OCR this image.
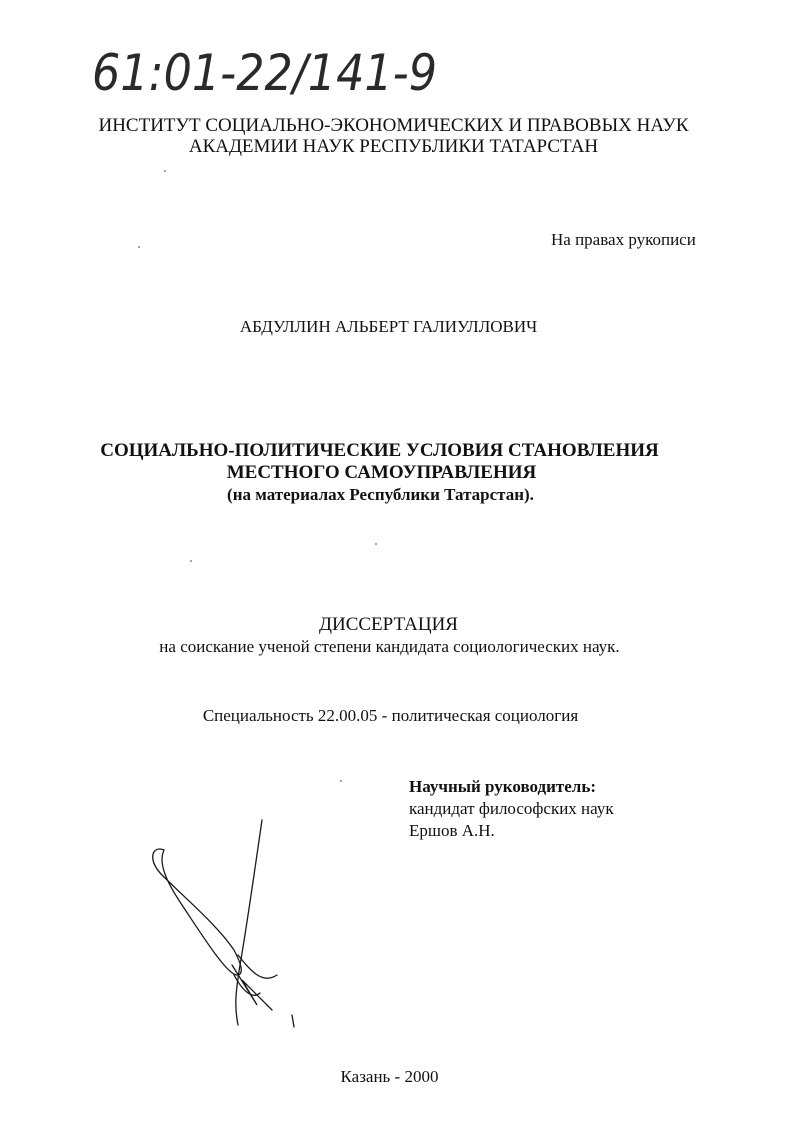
61:01-22/141-9
ИНСТИТУТ СОЦИАЛЬНО-ЭКОНОМИЧЕСКИХ И ПРАВОВЫХ НАУК
АКАДЕМИИ НАУК РЕСПУБЛИКИ ТАТАРСТАН
На правах рукописи
АБДУЛЛИН АЛЬБЕРТ ГАЛИУЛЛОВИЧ
СОЦИАЛЬНО-ПОЛИТИЧЕСКИЕ УСЛОВИЯ СТАНОВЛЕНИЯ
МЕСТНОГО САМОУПРАВЛЕНИЯ
(на материалах Республики Татарстан).
ДИССЕРТАЦИЯ
на соискание ученой степени кандидата социологических наук.
Специальность 22.00.05 - политическая социология
Научный руководитель:
кандидат философских наук
Ершов А.Н.
Казань - 2000
